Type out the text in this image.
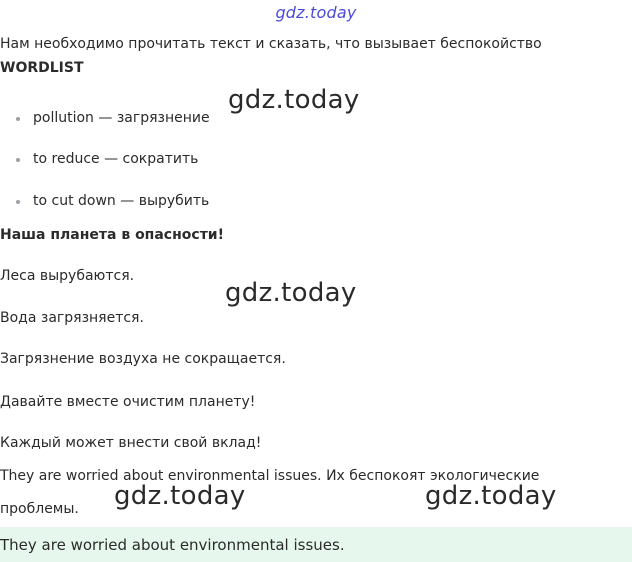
gdz.today
Нам необходимо прочитать текст и сказать, что вызывает беспокойство
WORDLIST
pollution — загрязнение
to reduce — сократить
to cut down — вырубить
Наша планета в опасности!
Леса вырубаются.
Вода загрязняется.
Загрязнение воздуха не сокращается.
Давайте вместе очистим планету!
Каждый может внести свой вклад!
They are worried about environmental issues. Их беспокоят экологические
проблемы.
They are worried about environmental issues.
gdz.today
gdz.today
gdz.today	gdz.today
